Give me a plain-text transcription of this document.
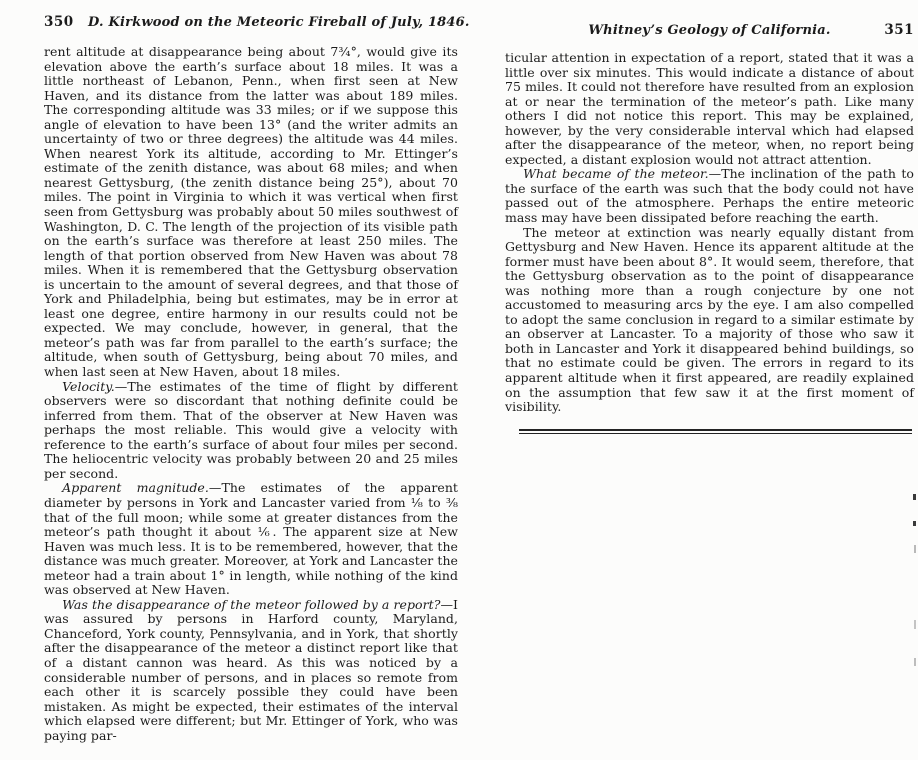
350 D. Kirkwood on the Meteoric Fireball of July, 1846.

rent altitude at disappearance being about 7¾°, would give its elevation above the earth’s surface about 18 miles. It was a little northeast of Lebanon, Penn., when first seen at New Haven, and its distance from the latter was about 189 miles. The corresponding altitude was 33 miles; or if we suppose this angle of elevation to have been 13° (and the writer admits an uncertainty of two or three degrees) the altitude was 44 miles. When nearest York its altitude, according to Mr. Ettinger’s estimate of the zenith distance, was about 68 miles; and when nearest Gettysburg, (the zenith distance being 25°), about 70 miles. The point in Virginia to which it was vertical when first seen from Gettysburg was probably about 50 miles southwest of Washington, D. C. The length of the projection of its visible path on the earth’s surface was therefore at least 250 miles. The length of that portion observed from New Haven was about 78 miles. When it is remembered that the Gettysburg observation is uncertain to the amount of several degrees, and that those of York and Philadelphia, being but estimates, may be in error at least one degree, entire harmony in our results could not be expected. We may conclude, however, in general, that the meteor’s path was far from parallel to the earth’s surface; the altitude, when south of Gettysburg, being about 70 miles, and when last seen at New Haven, about 18 miles.

Velocity.—The estimates of the time of flight by different observers were so discordant that nothing definite could be inferred from them. That of the observer at New Haven was perhaps the most reliable. This would give a velocity with reference to the earth’s surface of about four miles per second. The heliocentric velocity was probably between 20 and 25 miles per second.

Apparent magnitude.—The estimates of the apparent diameter by persons in York and Lancaster varied from ⅛ to ⅜ that of the full moon; while some at greater distances from the meteor’s path thought it about ⅙. The apparent size at New Haven was much less. It is to be remembered, however, that the distance was much greater. Moreover, at York and Lancaster the meteor had a train about 1° in length, while nothing of the kind was observed at New Haven.

Was the disappearance of the meteor followed by a report?—I was assured by persons in Harford county, Maryland, Chanceford, York county, Pennsylvania, and in York, that shortly after the disappearance of the meteor a distinct report like that of a distant cannon was heard. As this was noticed by a considerable number of persons, and in places so remote from each other it is scarcely possible they could have been mistaken. As might be expected, their estimates of the interval which elapsed were different; but Mr. Ettinger of York, who was paying par-

Whitney’s Geology of California.	351

ticular attention in expectation of a report, stated that it was a little over six minutes. This would indicate a distance of about 75 miles. It could not therefore have resulted from an explosion at or near the termination of the meteor’s path. Like many others I did not notice this report. This may be explained, however, by the very considerable interval which had elapsed after the disappearance of the meteor, when, no report being expected, a distant explosion would not attract attention.

What became of the meteor.—The inclination of the path to the surface of the earth was such that the body could not have passed out of the atmosphere. Perhaps the entire meteoric mass may have been dissipated before reaching the earth.

The meteor at extinction was nearly equally distant from Gettysburg and New Haven. Hence its apparent altitude at the former must have been about 8°. It would seem, therefore, that the Gettysburg observation as to the point of disappearance was nothing more than a rough conjecture by one not accustomed to measuring arcs by the eye. I am also compelled to adopt the same conclusion in regard to a similar estimate by an observer at Lancaster. To a majority of those who saw it both in Lancaster and York it disappeared behind buildings, so that no estimate could be given. The errors in regard to its apparent altitude when it first appeared, are readily explained on the assumption that few saw it at the first moment of visibility.
